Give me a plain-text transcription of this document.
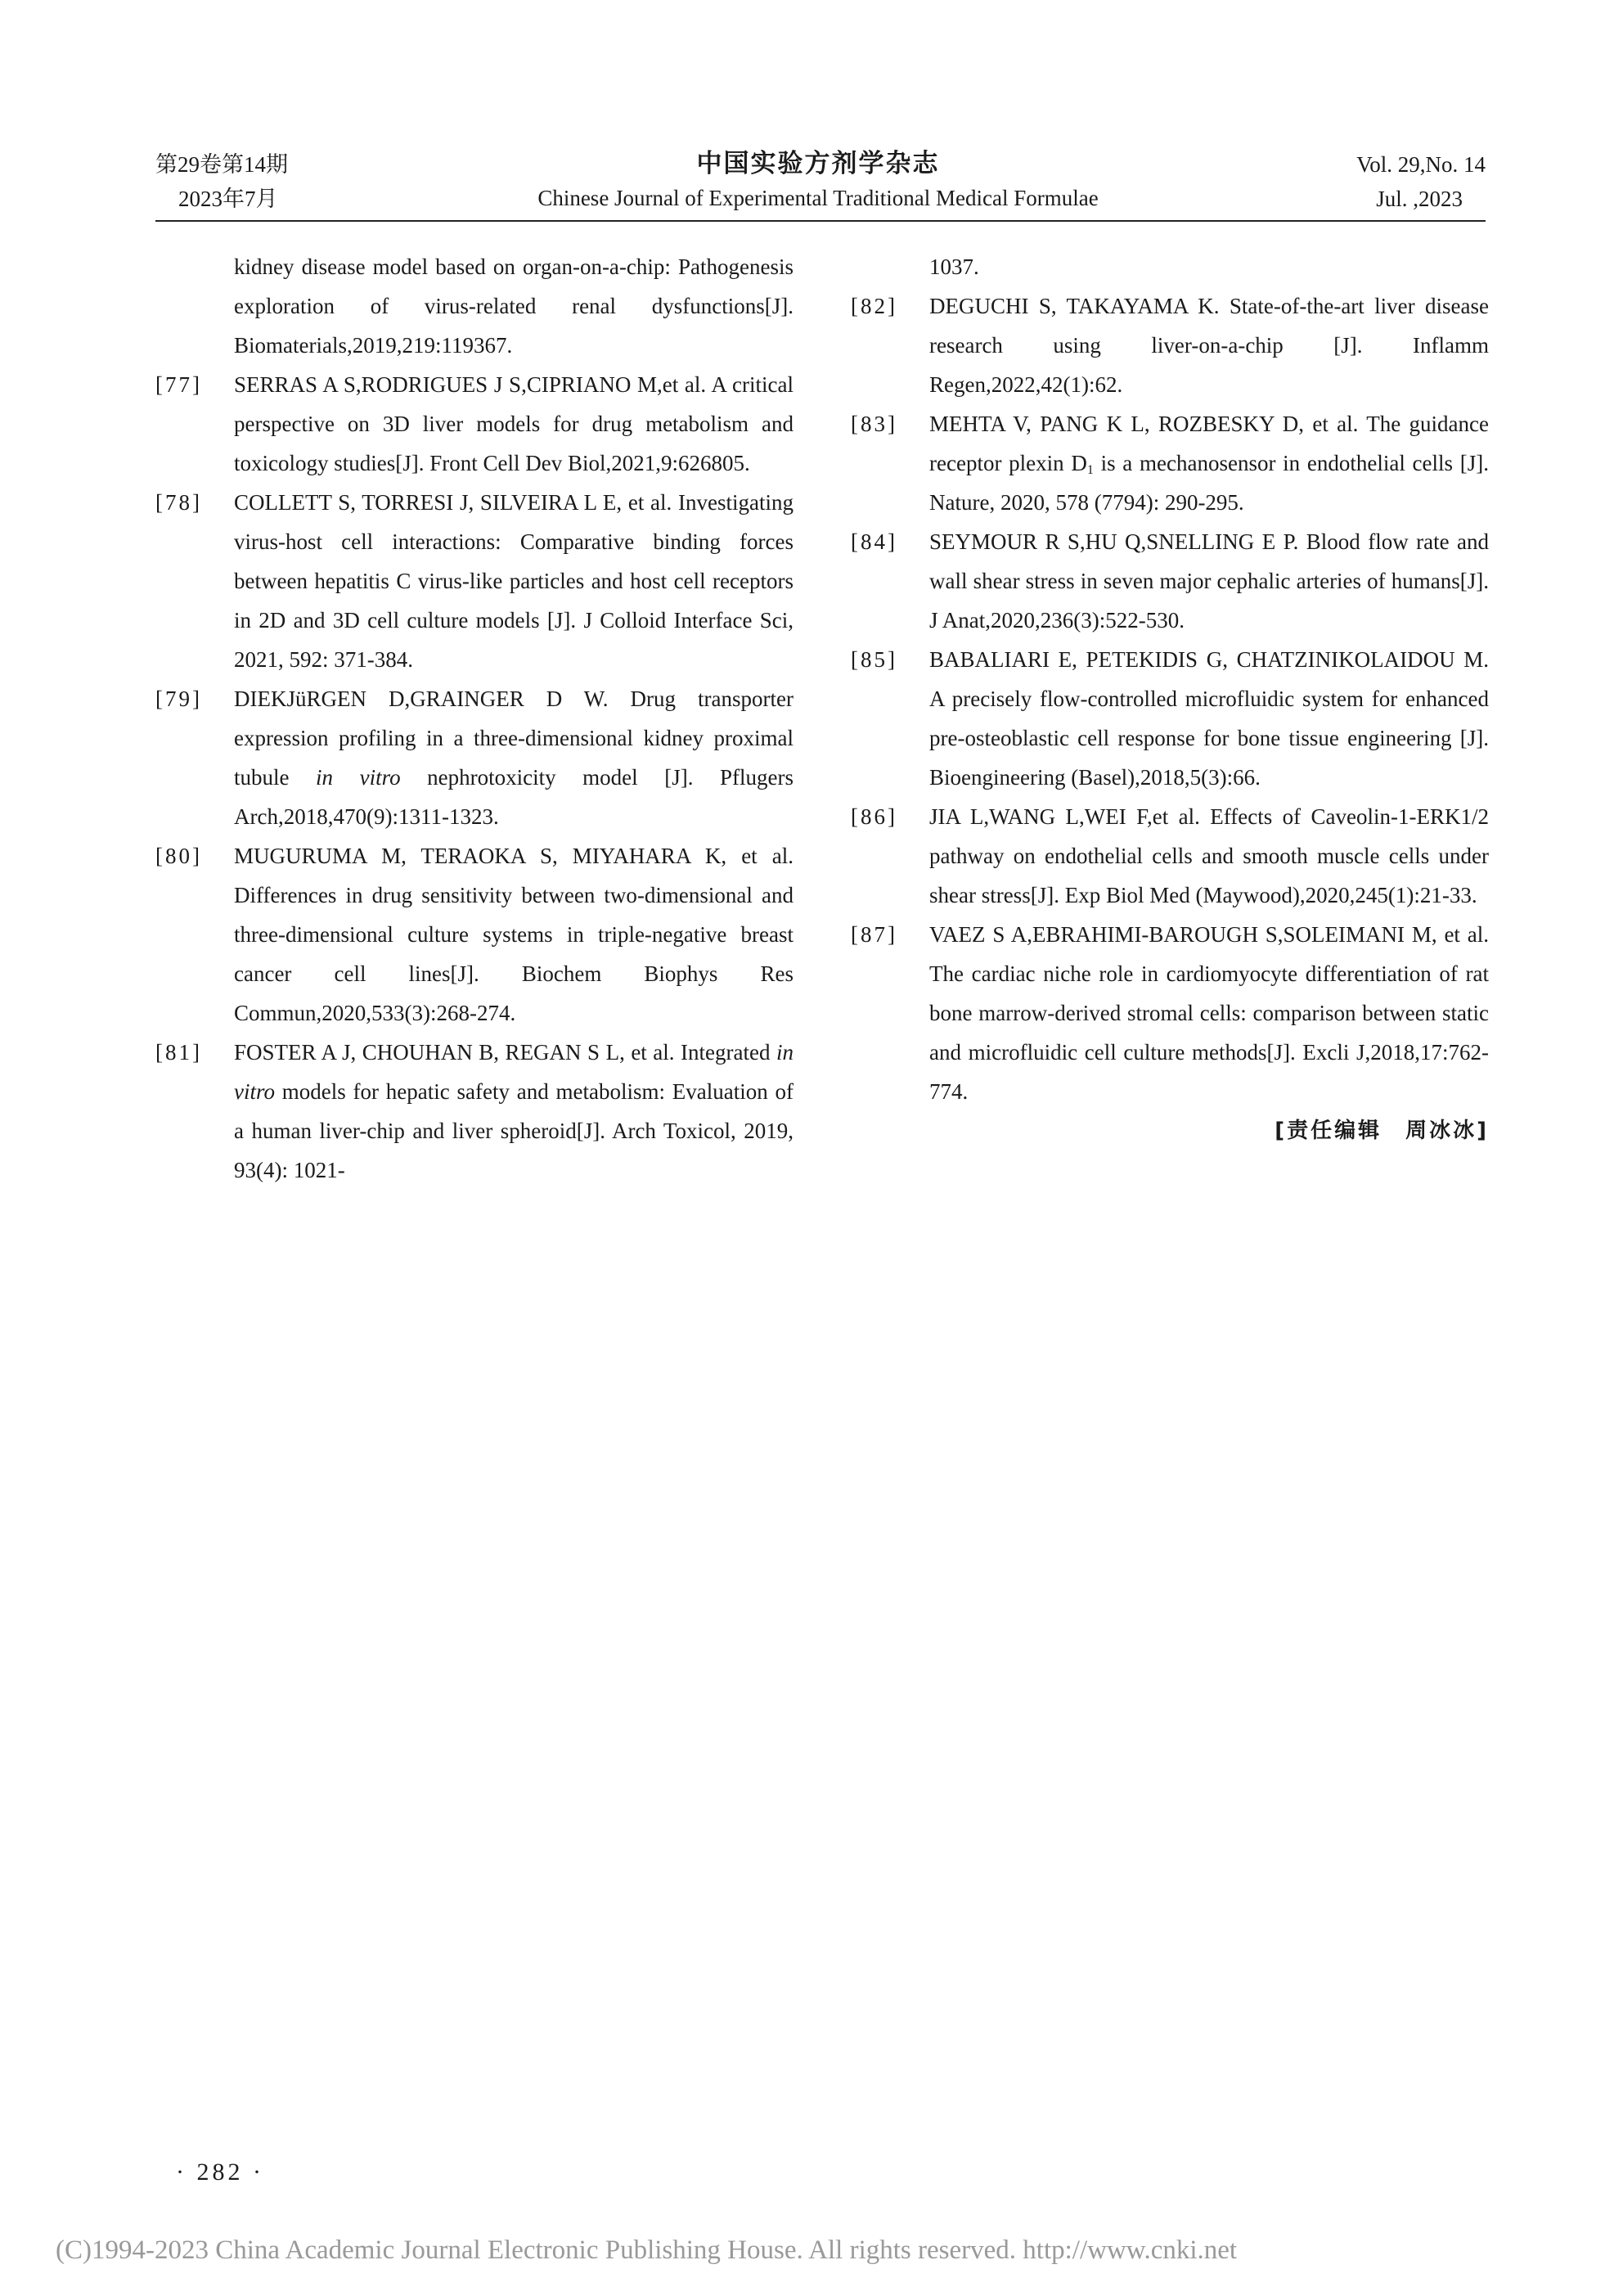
第29卷第14期
2023年7月
中国实验方剂学杂志
Chinese Journal of Experimental Traditional Medical Formulae
Vol. 29,No. 14
Jul. ,2023
kidney disease model based on organ-on-a-chip: Pathogenesis exploration of virus-related renal dysfunctions[J]. Biomaterials,2019,219:119367.
[77] SERRAS A S,RODRIGUES J S,CIPRIANO M,et al. A critical perspective on 3D liver models for drug metabolism and toxicology studies[J]. Front Cell Dev Biol,2021,9:626805.
[78] COLLETT S, TORRESI J, SILVEIRA L E, et al. Investigating virus-host cell interactions: Comparative binding forces between hepatitis C virus-like particles and host cell receptors in 2D and 3D cell culture models [J]. J Colloid Interface Sci, 2021, 592: 371-384.
[79] DIEKJüRGEN D,GRAINGER D W. Drug transporter expression profiling in a three-dimensional kidney proximal tubule in vitro nephrotoxicity model [J]. Pflugers Arch,2018,470(9):1311-1323.
[80] MUGURUMA M, TERAOKA S, MIYAHARA K, et al. Differences in drug sensitivity between two-dimensional and three-dimensional culture systems in triple-negative breast cancer cell lines[J]. Biochem Biophys Res Commun,2020,533(3):268-274.
[81] FOSTER A J, CHOUHAN B, REGAN S L, et al. Integrated in vitro models for hepatic safety and metabolism: Evaluation of a human liver-chip and liver spheroid[J]. Arch Toxicol, 2019, 93(4): 1021-
1037.
[82] DEGUCHI S, TAKAYAMA K. State-of-the-art liver disease research using liver-on-a-chip [J]. Inflamm Regen,2022,42(1):62.
[83] MEHTA V, PANG K L, ROZBESKY D, et al. The guidance receptor plexin $D_1$ is a mechanosensor in endothelial cells [J]. Nature, 2020, 578 (7794): 290-295.
[84] SEYMOUR R S,HU Q,SNELLING E P. Blood flow rate and wall shear stress in seven major cephalic arteries of humans[J]. J Anat,2020,236(3):522-530.
[85] BABALIARI E, PETEKIDIS G, CHATZINIKOLAIDOU M. A precisely flow-controlled microfluidic system for enhanced pre-osteoblastic cell response for bone tissue engineering [J]. Bioengineering (Basel),2018,5(3):66.
[86] JIA L,WANG L,WEI F,et al. Effects of Caveolin-1-ERK1/2 pathway on endothelial cells and smooth muscle cells under shear stress[J]. Exp Biol Med (Maywood),2020,245(1):21-33.
[87] VAEZ S A,EBRAHIMI-BAROUGH S,SOLEIMANI M, et al. The cardiac niche role in cardiomyocyte differentiation of rat bone marrow-derived stromal cells: comparison between static and microfluidic cell culture methods[J]. Excli J,2018,17:762-774.
[责任编辑　周冰冰]
· 282 ·
(C)1994-2023 China Academic Journal Electronic Publishing House. All rights reserved. http://www.cnki.net
